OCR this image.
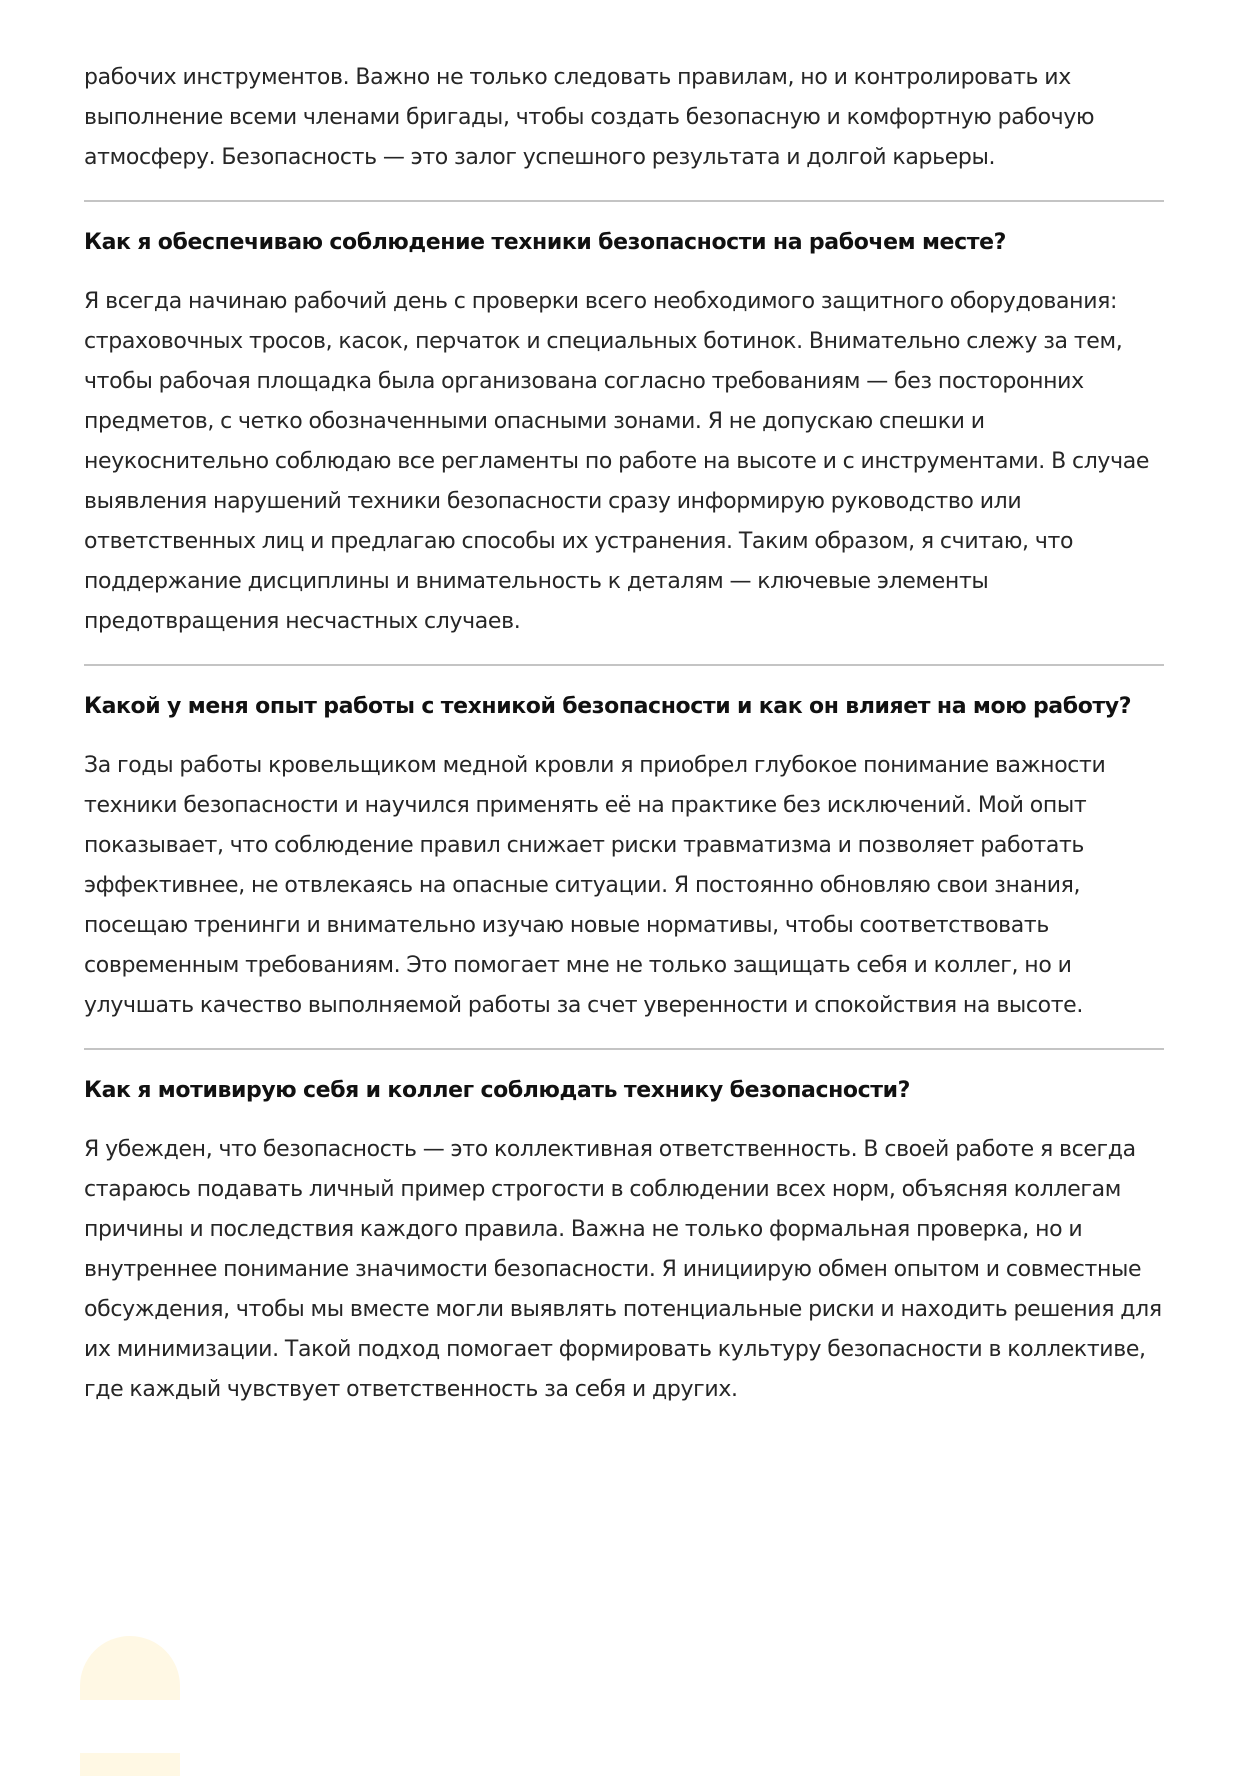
рабочих инструментов. Важно не только следовать правилам, но и контролировать их выполнение всеми членами бригады, чтобы создать безопасную и комфортную рабочую атмосферу. Безопасность — это залог успешного результата и долгой карьеры.

Как я обеспечиваю соблюдение техники безопасности на рабочем месте?

Я всегда начинаю рабочий день с проверки всего необходимого защитного оборудования: страховочных тросов, касок, перчаток и специальных ботинок. Внимательно слежу за тем, чтобы рабочая площадка была организована согласно требованиям — без посторонних предметов, с четко обозначенными опасными зонами. Я не допускаю спешки и неукоснительно соблюдаю все регламенты по работе на высоте и с инструментами. В случае выявления нарушений техники безопасности сразу информирую руководство или ответственных лиц и предлагаю способы их устранения. Таким образом, я считаю, что поддержание дисциплины и внимательность к деталям — ключевые элементы предотвращения несчастных случаев.

Какой у меня опыт работы с техникой безопасности и как он влияет на мою работу?

За годы работы кровельщиком медной кровли я приобрел глубокое понимание важности техники безопасности и научился применять её на практике без исключений. Мой опыт показывает, что соблюдение правил снижает риски травматизма и позволяет работать эффективнее, не отвлекаясь на опасные ситуации. Я постоянно обновляю свои знания, посещаю тренинги и внимательно изучаю новые нормативы, чтобы соответствовать современным требованиям. Это помогает мне не только защищать себя и коллег, но и улучшать качество выполняемой работы за счет уверенности и спокойствия на высоте.

Как я мотивирую себя и коллег соблюдать технику безопасности?

Я убежден, что безопасность — это коллективная ответственность. В своей работе я всегда стараюсь подавать личный пример строгости в соблюдении всех норм, объясняя коллегам причины и последствия каждого правила. Важна не только формальная проверка, но и внутреннее понимание значимости безопасности. Я инициирую обмен опытом и совместные обсуждения, чтобы мы вместе могли выявлять потенциальные риски и находить решения для их минимизации. Такой подход помогает формировать культуру безопасности в коллективе, где каждый чувствует ответственность за себя и других.
